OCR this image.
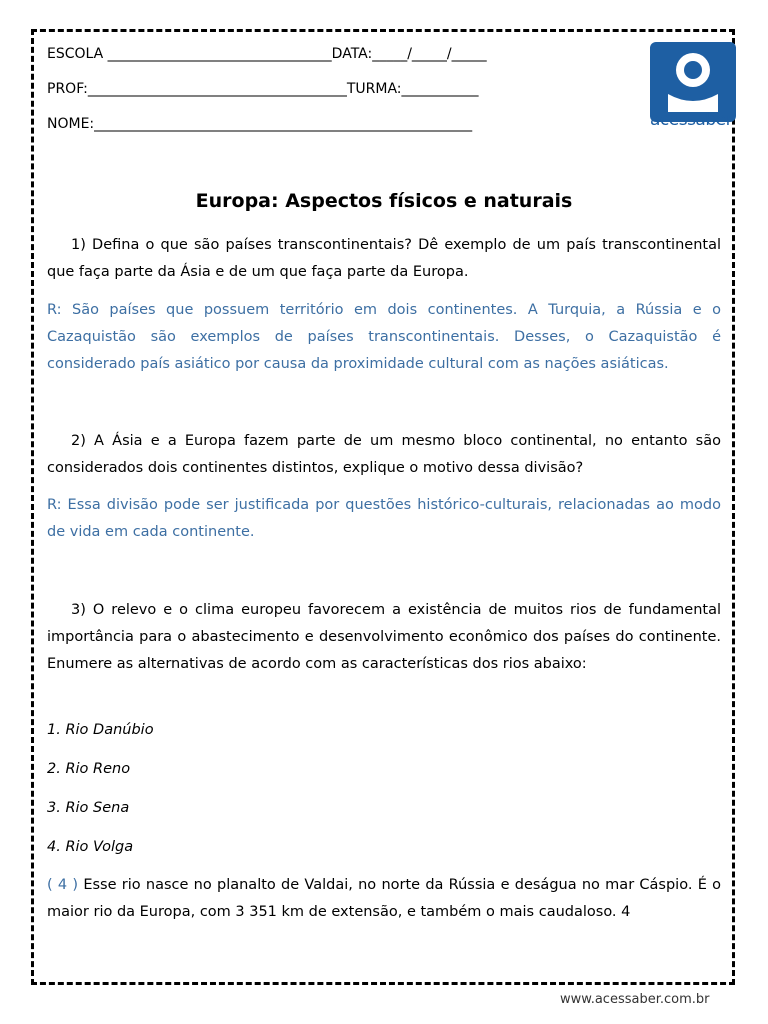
ESCOLA ________________________________DATA:_____/_____/_____
PROF:_____________________________________TURMA:___________
NOME:______________________________________________________	acessaber
Europa: Aspectos físicos e naturais
1) Defina o que são países transcontinentais? Dê exemplo de um país transcontinental que faça parte da Ásia e de um que faça parte da Europa.
R: São países que possuem território em dois continentes. A Turquia, a Rússia e o Cazaquistão são exemplos de países transcontinentais. Desses, o Cazaquistão é considerado país asiático por causa da proximidade cultural com as nações asiáticas.
2) A Ásia e a Europa fazem parte de um mesmo bloco continental, no entanto são considerados dois continentes distintos, explique o motivo dessa divisão?
R: Essa divisão pode ser justificada por questões histórico-culturais, relacionadas ao modo de vida em cada continente.
3) O relevo e o clima europeu favorecem a existência de muitos rios de fundamental importância para o abastecimento e desenvolvimento econômico dos países do continente. Enumere as alternativas de acordo com as características dos rios abaixo:
1. Rio Danúbio
2. Rio Reno
3. Rio Sena
4. Rio Volga
( 4 ) Esse rio nasce no planalto de Valdai, no norte da Rússia e deságua no mar Cáspio. É o maior rio da Europa, com 3 351 km de extensão, e também o mais caudaloso. 4
www.acessaber.com.br
